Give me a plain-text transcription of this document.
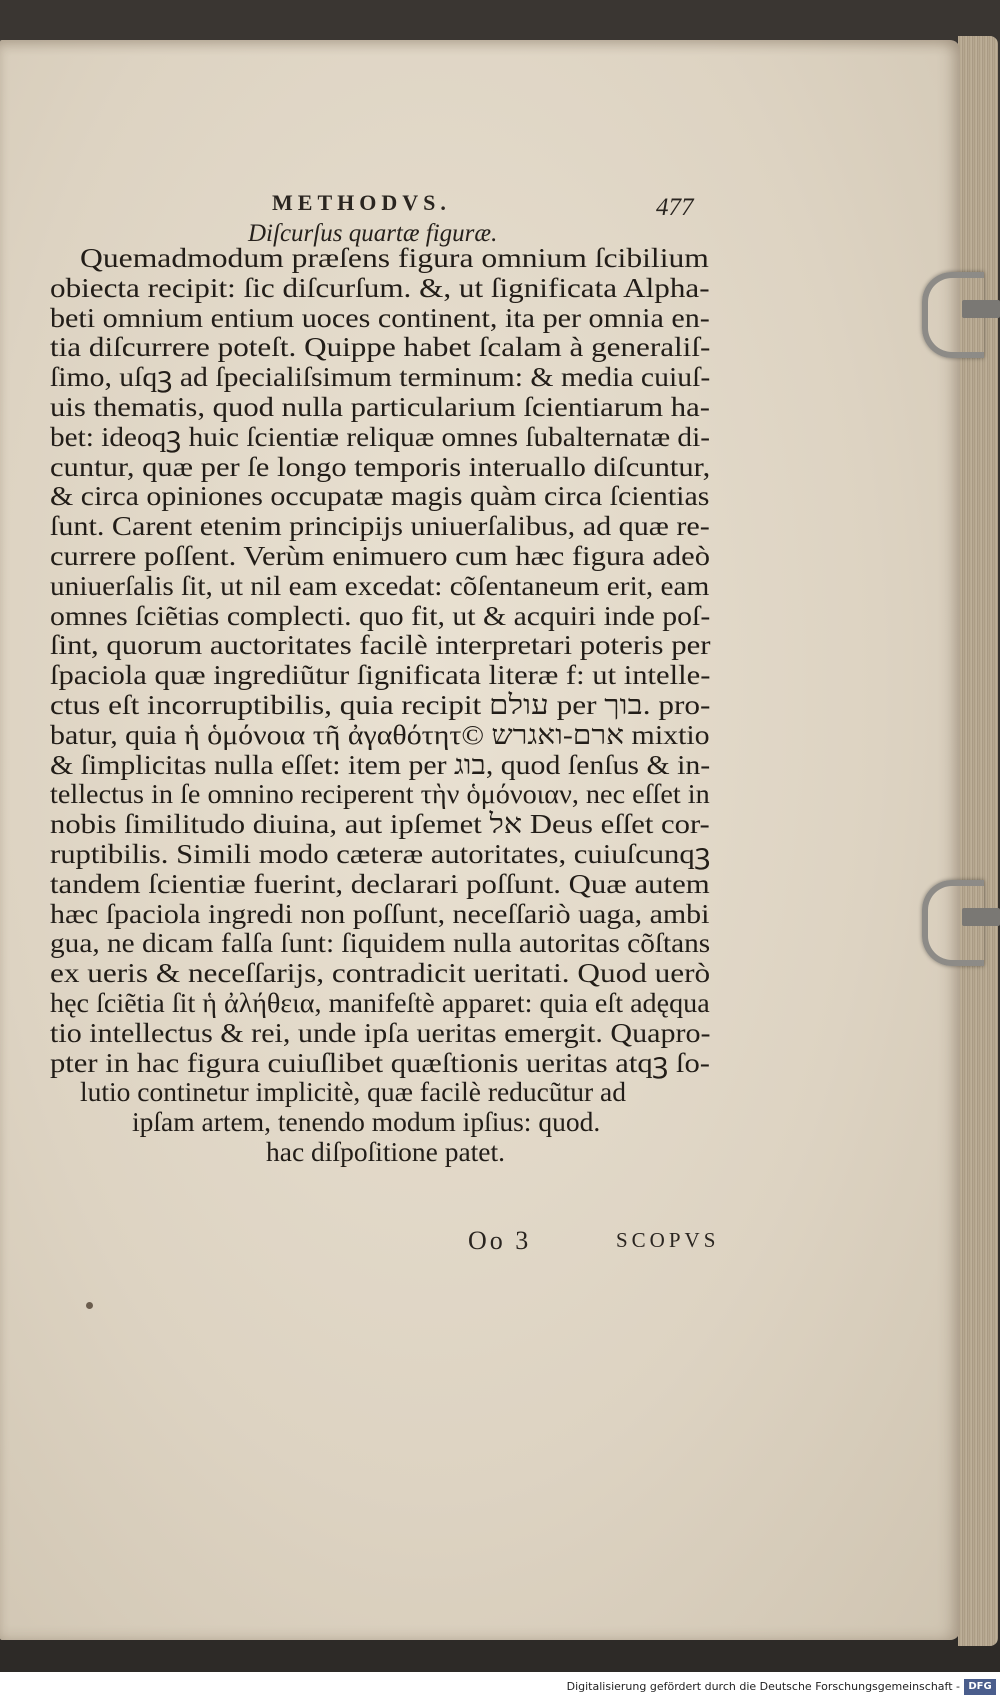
METHODVS.	477
Diſcurſus quartæ figuræ.
Quemadmodum præſens figura omnium ſcibilium
obiecta recipit: ſic diſcurſum. &, ut ſignificata Alpha-
beti omnium entium uoces continent, ita per omnia en-
tia diſcurrere poteſt. Quippe habet ſcalam à generaliſ-
ſimo, uſqꝫ ad ſpecialiſsimum terminum: & media cuiuſ-
uis thematis, quod nulla particularium ſcientiarum ha-
bet: ideoqꝫ huic ſcientiæ reliquæ omnes ſubalternatæ di-
cuntur, quæ per ſe longo temporis interuallo diſcuntur,
& circa opiniones occupatæ magis quàm circa ſcientias
ſunt. Carent etenim principijs uniuerſalibus, ad quæ re-
currere poſſent. Verùm enimuero cum hæc figura adeò
uniuerſalis ſit, ut nil eam excedat: cõſentaneum erit, eam
omnes ſciẽtias complecti. quo fit, ut & acquiri inde poſ-
ſint, quorum auctoritates facilè interpretari poteris per
ſpaciola quæ ingrediũtur ſignificata literæ f: ut intelle-
ctus eſt incorruptibilis, quia recipit עולם per בוך. pro-
batur, quia ἡ ὁμόνοια τῆ ἀγαθότητ© ארם-ואגרש mixtio
& ſimplicitas nulla eſſet: item per בוג, quod ſenſus & in-
tellectus in ſe omnino reciperent τὴν ὁμόνοιαν, nec eſſet in
nobis ſimilitudo diuina, aut ipſemet אל Deus eſſet cor-
ruptibilis. Simili modo cæteræ autoritates, cuiuſcunqꝫ
tandem ſcientiæ fuerint, declarari poſſunt. Quæ autem
hæc ſpaciola ingredi non poſſunt, neceſſariò uaga, ambi
gua, ne dicam falſa ſunt: ſiquidem nulla autoritas cõſtans
ex ueris & neceſſarijs, contradicit ueritati. Quod uerò
hęc ſciẽtia ſit ἡ ἀλήθεια, manifeſtè apparet: quia eſt adęqua
tio intellectus & rei, unde ipſa ueritas emergit. Quapro-
pter in hac figura cuiuſlibet quæſtionis ueritas atqꝫ ſo-
lutio continetur implicitè, quæ facilè reducũtur ad
ipſam artem, tenendo modum ipſius: quod.
hac diſpoſitione patet.
Oo 3	SCOPVS
Digitalisierung gefördert durch die Deutsche Forschungsgemeinschaft - DFG
